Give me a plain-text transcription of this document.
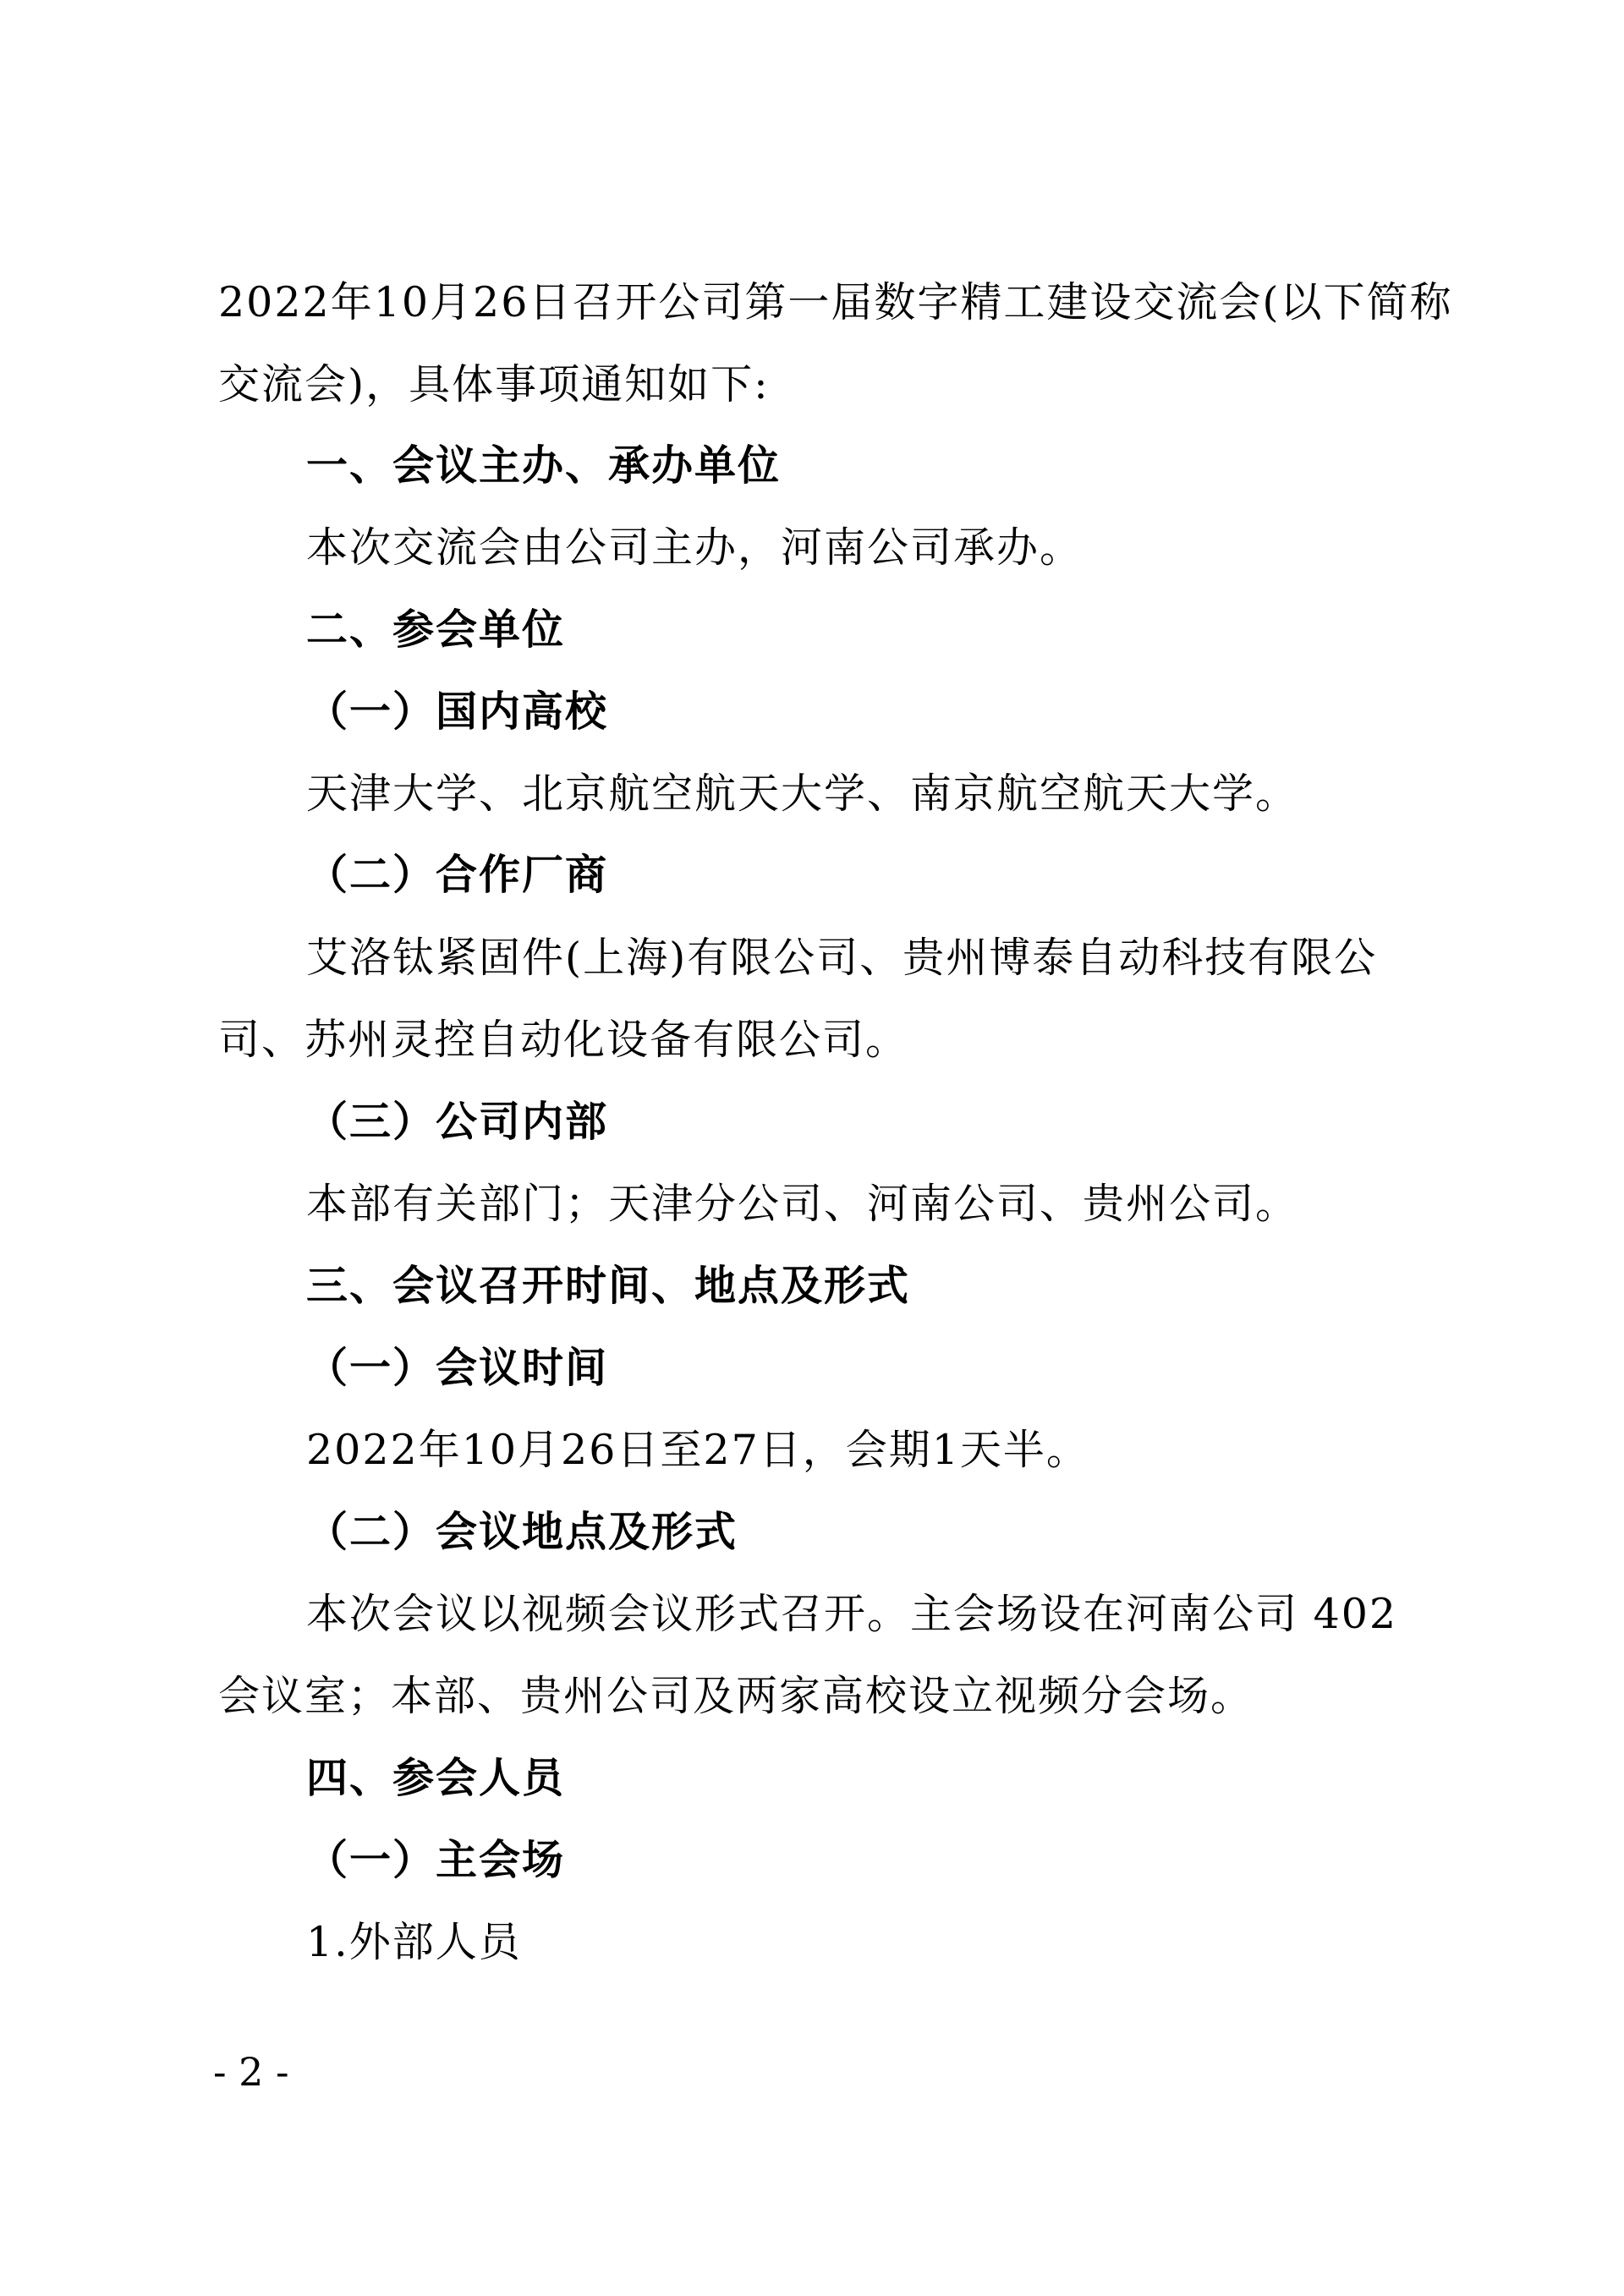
2022年10月26日召开公司第一届数字精工建设交流会(以下简称
交流会)，具体事项通知如下:
一、会议主办、承办单位
本次交流会由公司主办，河南公司承办。
二、参会单位
（一）国内高校
天津大学、北京航空航天大学、南京航空航天大学。
（二）合作厂商
艾洛钛紧固件(上海)有限公司、贵州博泰自动科技有限公
司、苏州灵控自动化设备有限公司。
（三）公司内部
本部有关部门；天津分公司、河南公司、贵州公司。
三、会议召开时间、地点及形式
（一）会议时间
2022年10月26日至27日，会期1天半。
（二）会议地点及形式
本次会议以视频会议形式召开。主会场设在河南公司 402
会议室；本部、贵州公司及两家高校设立视频分会场。
四、参会人员
（一）主会场
1.外部人员
- 2 -
